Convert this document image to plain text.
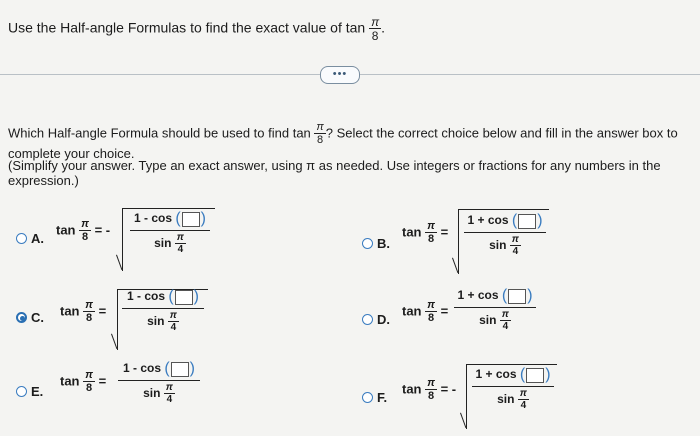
Use the Half-angle Formulas to find the exact value of $\tan \frac{\pi}{8}$ .
•••
Which Half-angle Formula should be used to find $\tan \frac{\pi}{8}$ ? Select the correct choice below and fill in the answer box to complete your choice.
(Simplify your answer. Type an exact answer, using π as needed. Use integers or fractions for any numbers in the expression.)
A.
$\tan \frac{\pi}{8}$ = -
1 - cos ( )
$\sin \frac{\pi}{4}$	B.
$\tan \frac{\pi}{8}$ =
1 + cos ( )
$\sin \frac{\pi}{4}$
C. $\tan \frac{\pi}{8}$ =
1 - cos ( )
$\sin \frac{\pi}{4}$	D.
$\tan \frac{\pi}{8}$ =
1 + cos ( )
$\sin \frac{\pi}{4}$
E.
$\tan \frac{\pi}{8}$ =
1 - cos ( )
$\sin \frac{\pi}{4}$	F.
$\tan \frac{\pi}{8}$ = -
1 + cos ( )
$\sin \frac{\pi}{4}$
